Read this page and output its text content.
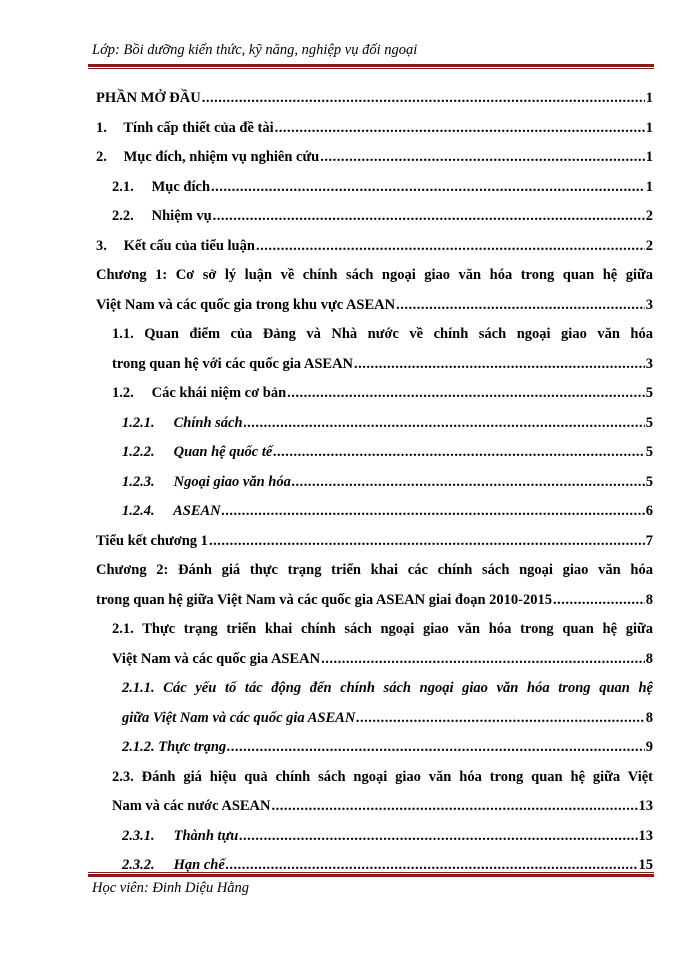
Lớp: Bồi dưỡng kiến thức, kỹ năng, nghiệp vụ đối ngoại
PHẦN MỞ ĐẦU .....	1
1. Tính cấp thiết của đề tài .....	1
2. Mục đích, nhiệm vụ nghiên cứu .....	1
2.1. Mục đích .....	1
2.2. Nhiệm vụ .....	2
3. Kết cấu của tiểu luận .....	2
Chương 1: Cơ sở lý luận về chính sách ngoại giao văn hóa trong quan hệ giữa
Việt Nam và các quốc gia trong khu vực ASEAN .....	3
1.1. Quan điểm của Đảng và Nhà nước về chính sách ngoại giao văn hóa
trong quan hệ với các quốc gia ASEAN .....	3
1.2. Các khái niệm cơ bản .....	5
1.2.1. Chính sách .....	5
1.2.2. Quan hệ quốc tế .....	5
1.2.3. Ngoại giao văn hóa .....	5
1.2.4. ASEAN .....	6
Tiểu kết chương 1 .....	7
Chương 2: Đánh giá thực trạng triển khai các chính sách ngoại giao văn hóa
trong quan hệ giữa Việt Nam và các quốc gia ASEAN giai đoạn 2010-2015 .....	8
2.1. Thực trạng triển khai chính sách ngoại giao văn hóa trong quan hệ giữa
Việt Nam và các quốc gia ASEAN .....	8
2.1.1. Các yếu tố tác động đến chính sách ngoại giao văn hóa trong quan hệ
giữa Việt Nam và các quốc gia ASEAN .....	8
2.1.2. Thực trạng .....	9
2.3. Đánh giá hiệu quả chính sách ngoại giao văn hóa trong quan hệ giữa Việt
Nam và các nước ASEAN .....	13
2.3.1. Thành tựu .....	13
2.3.2. Hạn chế .....	15
Học viên: Đinh Diệu Hằng
